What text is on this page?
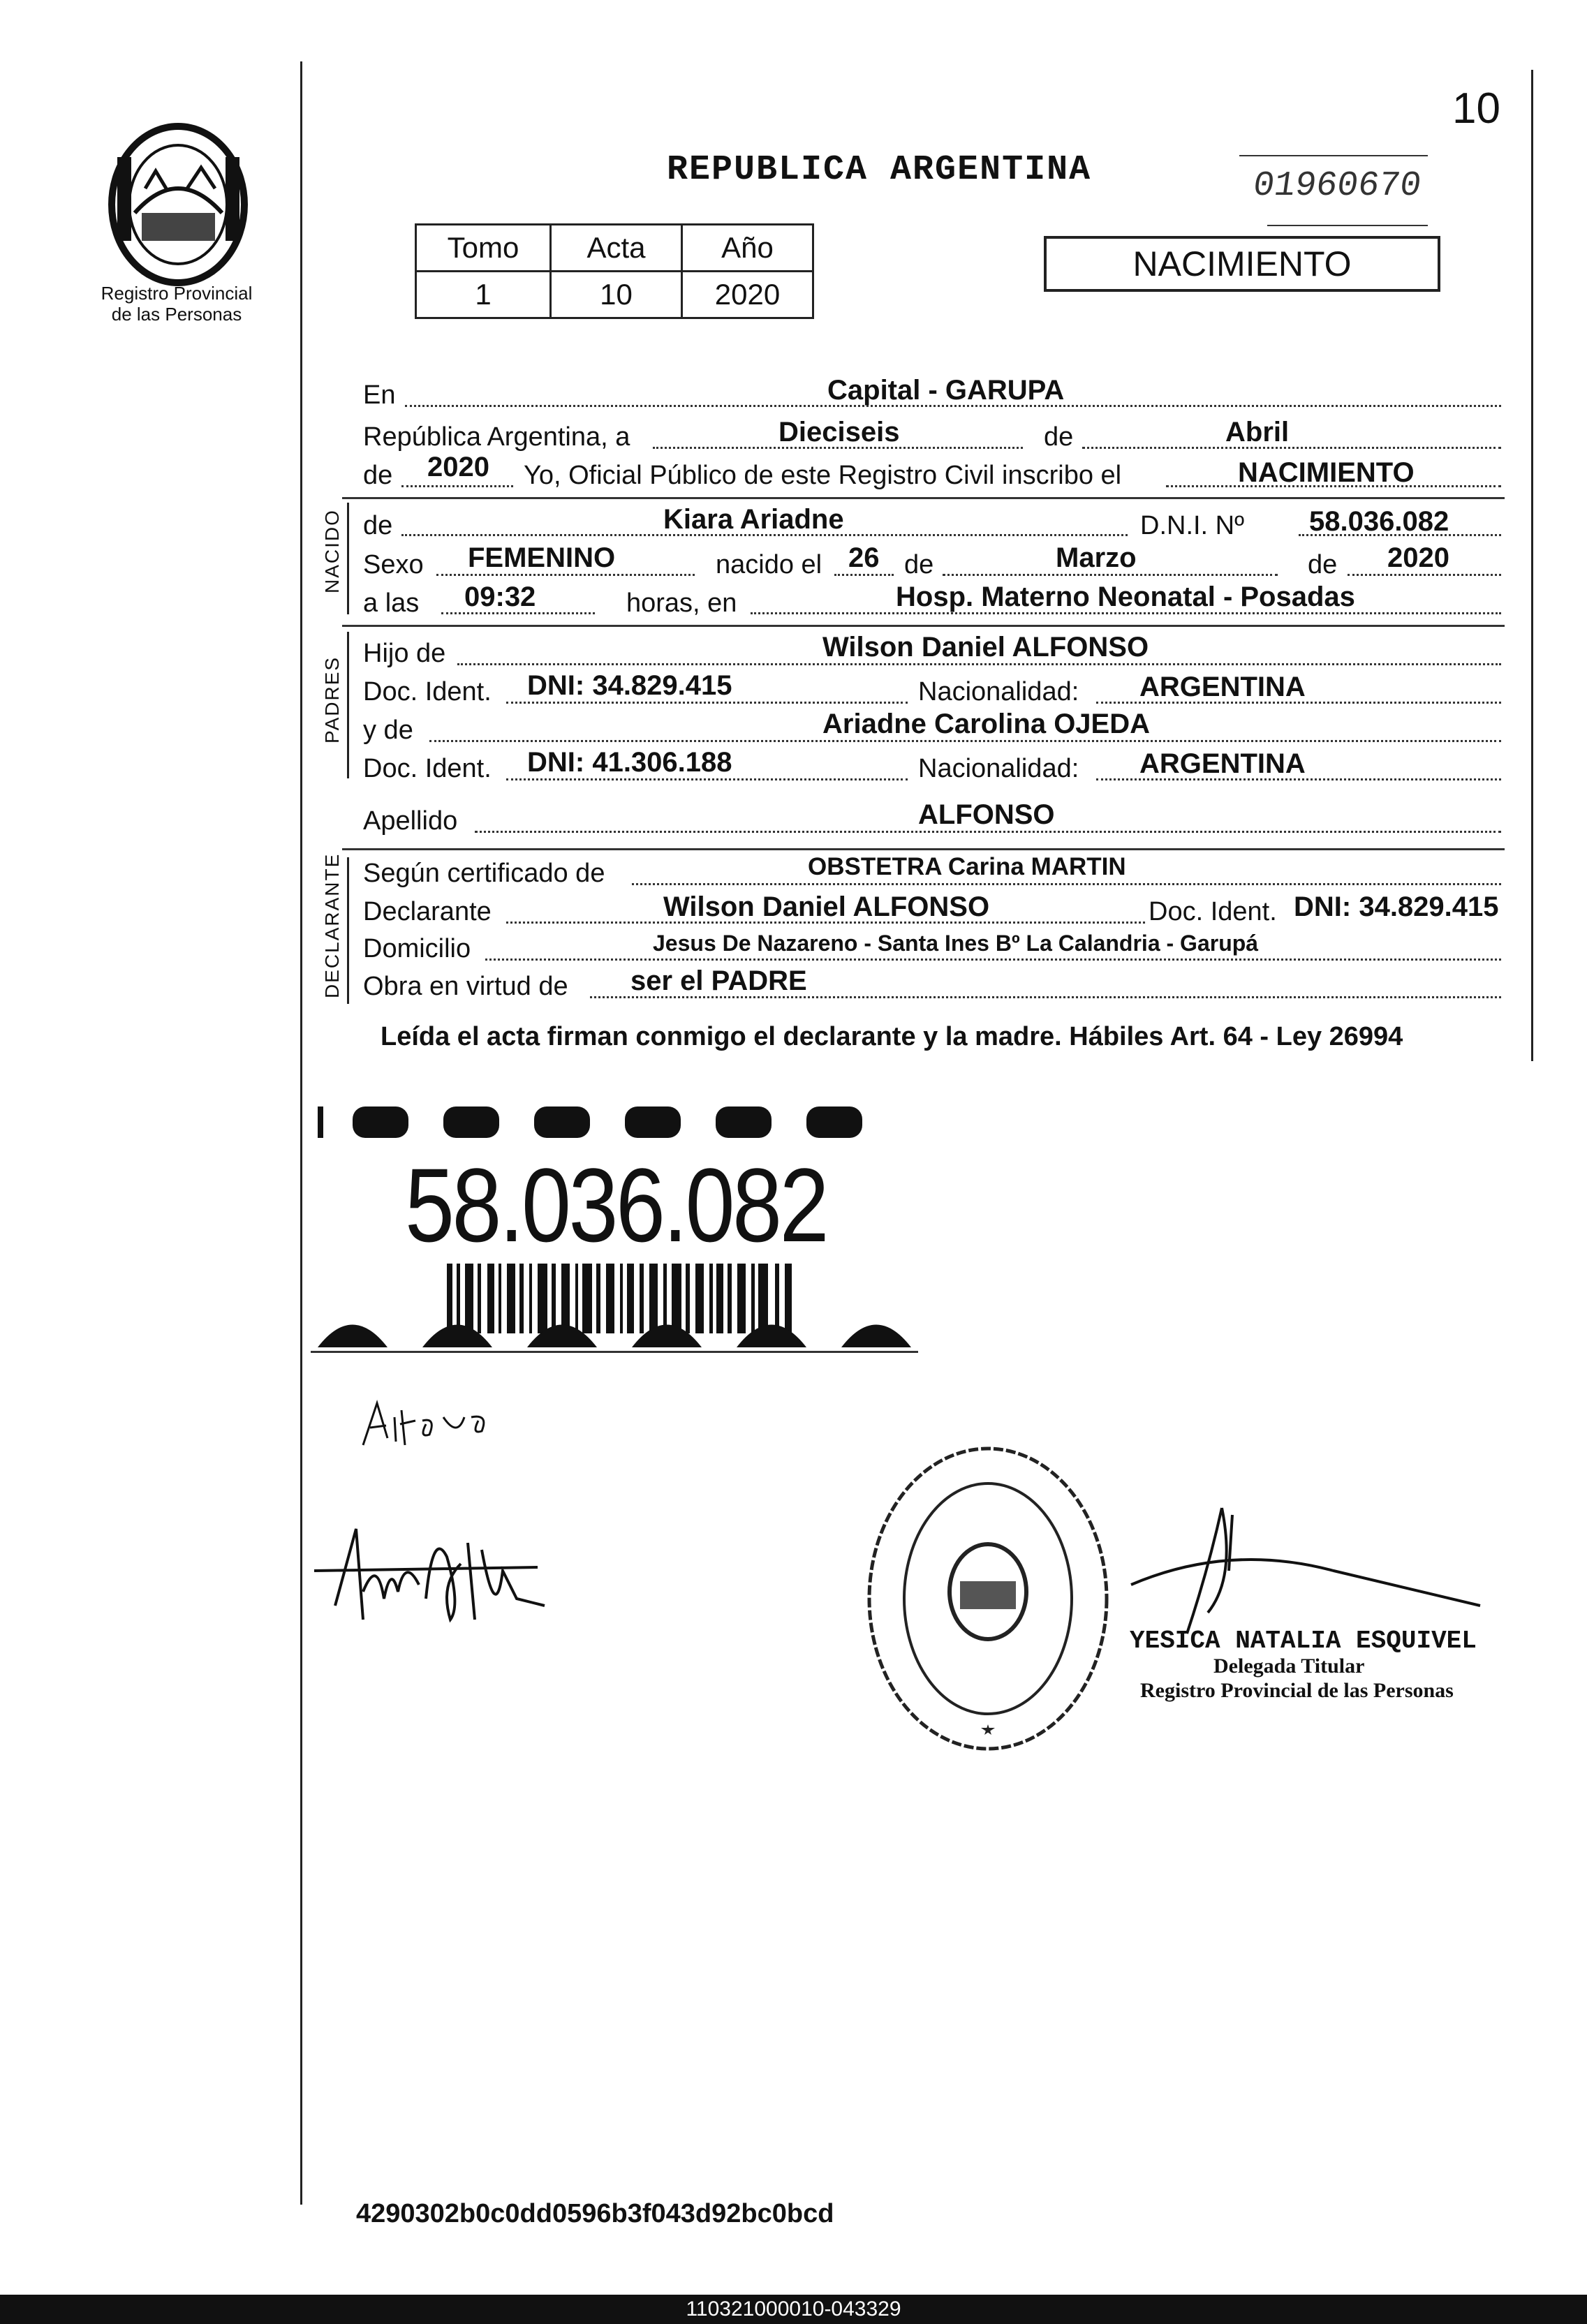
10
01960670
Registro Provincial
de las Personas
REPUBLICA ARGENTINA
Tomo	Acta	Año
1	10	2020
NACIMIENTO
En	Capital - GARUPA
República Argentina, a	Dieciseis	de	Abril
de 2020 Yo, Oficial Público de este Registro Civil inscribo el	NACIMIENTO
NACIDO de	Kiara Ariadne	D.N.I. Nº 58.036.082
Sexo FEMENINO	nacido el 26 de	Marzo	de 2020
a las 09:32	horas, en	Hosp. Materno Neonatal - Posadas
PADRES
Hijo de	Wilson Daniel ALFONSO
Doc. Ident. DNI: 34.829.415	Nacionalidad: ARGENTINA
y de	Ariadne Carolina OJEDA
Doc. Ident. DNI: 41.306.188	Nacionalidad: ARGENTINA
Apellido	ALFONSO
DECLARANTE Según certificado de	OBSTETRA Carina MARTIN
Declarante	Wilson Daniel ALFONSO	Doc. Ident. DNI: 34.829.415
Domicilio	Jesus De Nazareno - Santa Ines Bº La Calandria - Garupá
Obra en virtud de ser el PADRE
Leída el acta firman conmigo el declarante y la madre. Hábiles Art. 64 - Ley 26994
58.036.082
YESICA NATALIA ESQUIVEL
Delegada Titular
Registro Provincial de las Personas
4290302b0c0dd0596b3f043d92bc0bcd
110321000010-043329
